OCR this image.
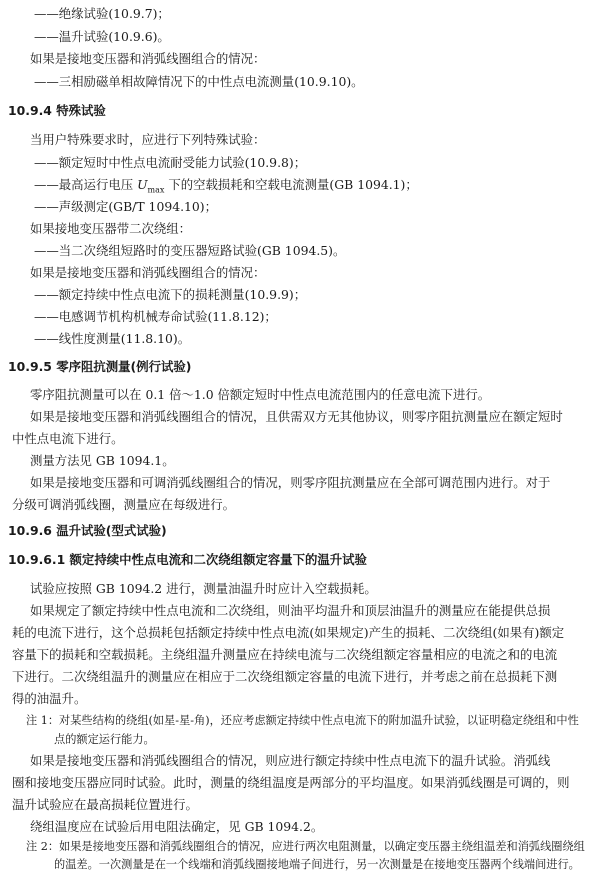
——绝缘试验(10.9.7)；
——温升试验(10.9.6)。
如果是接地变压器和消弧线圈组合的情况：
——三相励磁单相故障情况下的中性点电流测量(10.9.10)。
10.9.4 特殊试验
当用户特殊要求时，应进行下列特殊试验：
——额定短时中性点电流耐受能力试验(10.9.8)；
——最高运行电压 $U_{max}$ 下的空载损耗和空载电流测量(GB 1094.1)；
——声级测定(GB/T 1094.10)；
如果接地变压器带二次绕组：
——当二次绕组短路时的变压器短路试验(GB 1094.5)。
如果是接地变压器和消弧线圈组合的情况：
——额定持续中性点电流下的损耗测量(10.9.9)；
——电感调节机构机械寿命试验(11.8.12)；
——线性度测量(11.8.10)。
10.9.5 零序阻抗测量(例行试验)
零序阻抗测量可以在 0.1 倍～1.0 倍额定短时中性点电流范围内的任意电流下进行。
如果是接地变压器和消弧线圈组合的情况，且供需双方无其他协议，则零序阻抗测量应在额定短时
中性点电流下进行。
测量方法见 GB 1094.1。
如果是接地变压器和可调消弧线圈组合的情况，则零序阻抗测量应在全部可调范围内进行。对于
分级可调消弧线圈，测量应在每级进行。
10.9.6 温升试验(型式试验)
10.9.6.1 额定持续中性点电流和二次绕组额定容量下的温升试验
试验应按照 GB 1094.2 进行，测量油温升时应计入空载损耗。
如果规定了额定持续中性点电流和二次绕组，则油平均温升和顶层油温升的测量应在能提供总损
耗的电流下进行，这个总损耗包括额定持续中性点电流(如果规定)产生的损耗、二次绕组(如果有)额定
容量下的损耗和空载损耗。主绕组温升测量应在持续电流与二次绕组额定容量相应的电流之和的电流
下进行。二次绕组温升的测量应在相应于二次绕组额定容量的电流下进行，并考虑之前在总损耗下测
得的油温升。
注 1：对某些结构的绕组(如星-星-角)，还应考虑额定持续中性点电流下的附加温升试验，以证明稳定绕组和中性
点的额定运行能力。
如果是接地变压器和消弧线圈组合的情况，则应进行额定持续中性点电流下的温升试验。消弧线
圈和接地变压器应同时试验。此时，测量的绕组温度是两部分的平均温度。如果消弧线圈是可调的，则
温升试验应在最高损耗位置进行。
绕组温度应在试验后用电阻法确定，见 GB 1094.2。
注 2：如果是接地变压器和消弧线圈组合的情况，应进行两次电阻测量，以确定变压器主绕组温差和消弧线圈绕组
的温差。一次测量是在一个线端和消弧线圈接地端子间进行，另一次测量是在接地变压器两个线端间进行。
